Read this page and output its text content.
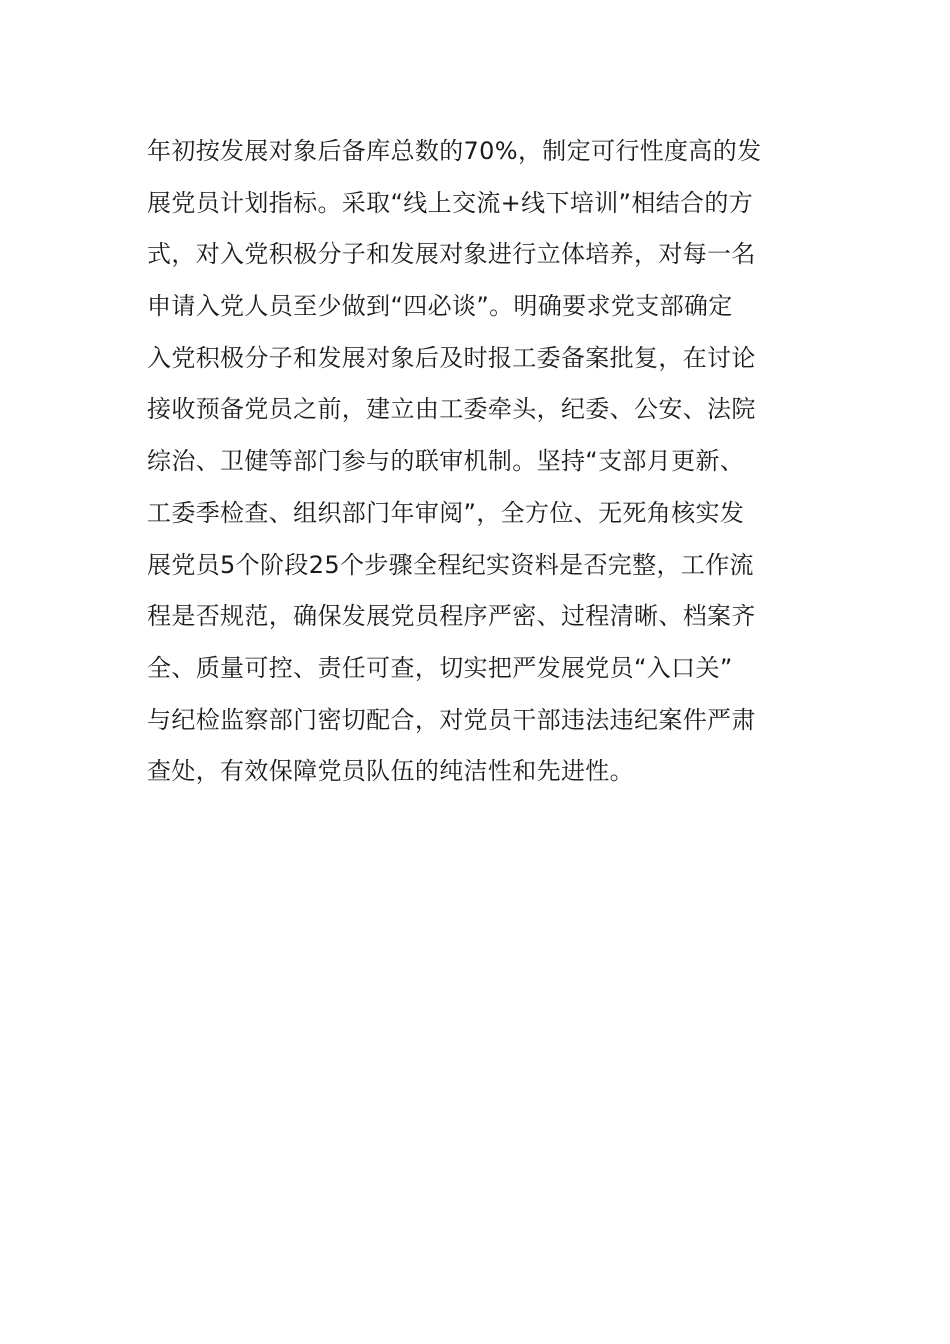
年初按发展对象后备库总数的70%，制定可行性度高的发
展党员计划指标。采取“线上交流+线下培训”相结合的方
式，对入党积极分子和发展对象进行立体培养，对每一名
申请入党人员至少做到“四必谈”。明确要求党支部确定
入党积极分子和发展对象后及时报工委备案批复，在讨论
接收预备党员之前，建立由工委牵头，纪委、公安、法院
综治、卫健等部门参与的联审机制。坚持“支部月更新、
工委季检查、组织部门年审阅”，全方位、无死角核实发
展党员5个阶段25个步骤全程纪实资料是否完整，工作流
程是否规范，确保发展党员程序严密、过程清晰、档案齐
全、质量可控、责任可查，切实把严发展党员“入口关”
与纪检监察部门密切配合，对党员干部违法违纪案件严肃
查处，有效保障党员队伍的纯洁性和先进性。
